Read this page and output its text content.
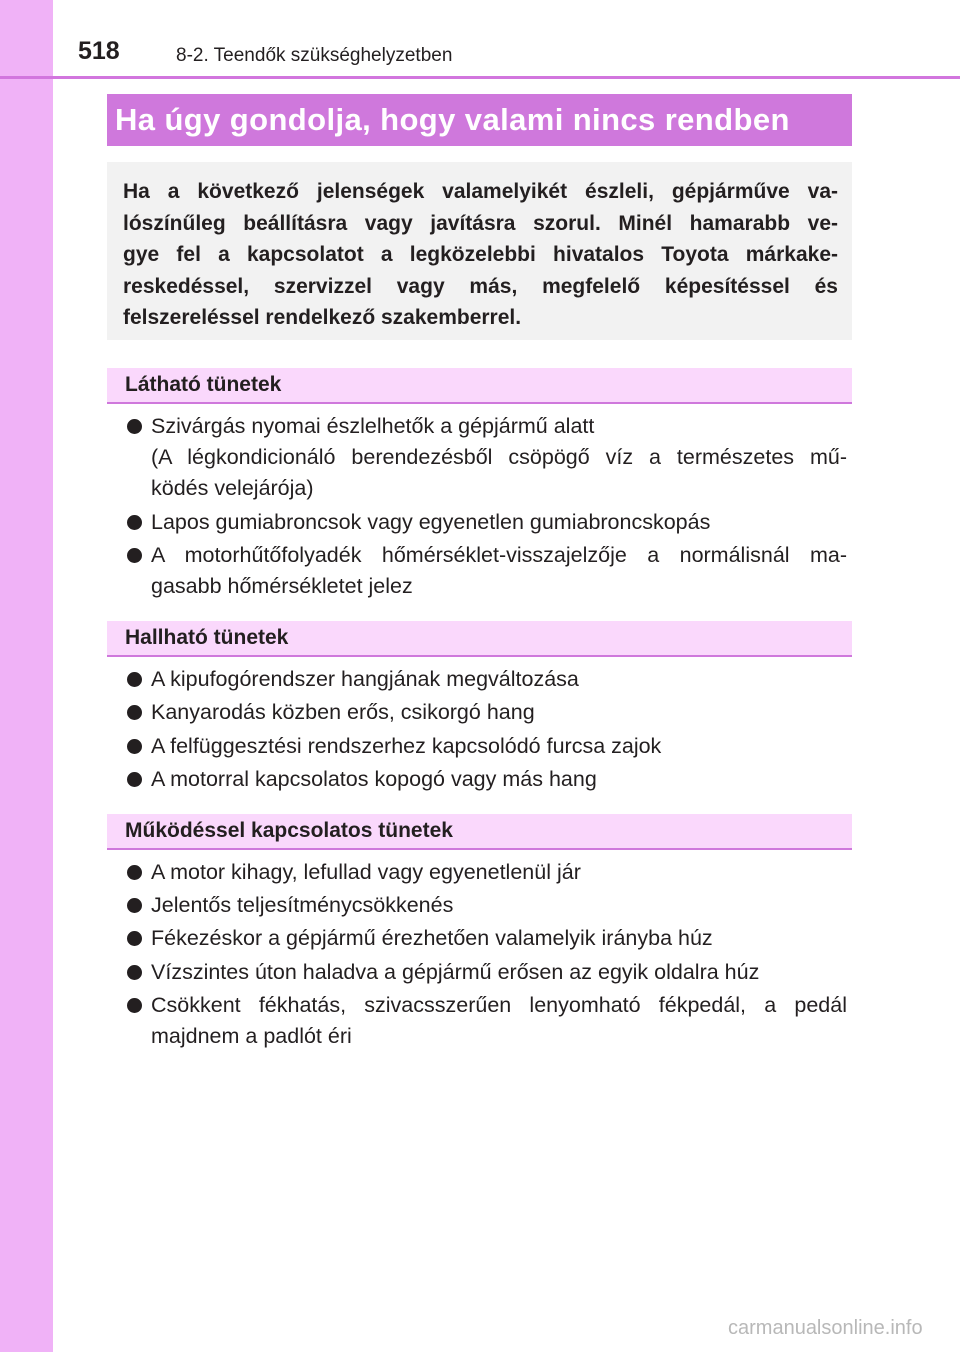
518	8-2. Teendők szükséghelyzetben
Ha úgy gondolja, hogy valami nincs rendben
Ha a következő jelenségek valamelyikét észleli, gépjárműve va-
lószínűleg beállításra vagy javításra szorul. Minél hamarabb ve-
gye fel a kapcsolatot a legközelebbi hivatalos Toyota márkake-
reskedéssel, szervizzel vagy más, megfelelő képesítéssel és
felszereléssel rendelkező szakemberrel.
Látható tünetek
Szivárgás nyomai észlelhetők a gépjármű alatt
(A légkondicionáló berendezésből csöpögő víz a természetes mű-
ködés velejárója)
Lapos gumiabroncsok vagy egyenetlen gumiabroncskopás
A motorhűtőfolyadék hőmérséklet-visszajelzője a normálisnál ma-
gasabb hőmérsékletet jelez
Hallható tünetek
A kipufogórendszer hangjának megváltozása
Kanyarodás közben erős, csikorgó hang
A felfüggesztési rendszerhez kapcsolódó furcsa zajok
A motorral kapcsolatos kopogó vagy más hang
Működéssel kapcsolatos tünetek
A motor kihagy, lefullad vagy egyenetlenül jár
Jelentős teljesítménycsökkenés
Fékezéskor a gépjármű érezhetően valamelyik irányba húz
Vízszintes úton haladva a gépjármű erősen az egyik oldalra húz
Csökkent fékhatás, szivacsszerűen lenyomható fékpedál, a pedál
majdnem a padlót éri
carmanualsonline.info
